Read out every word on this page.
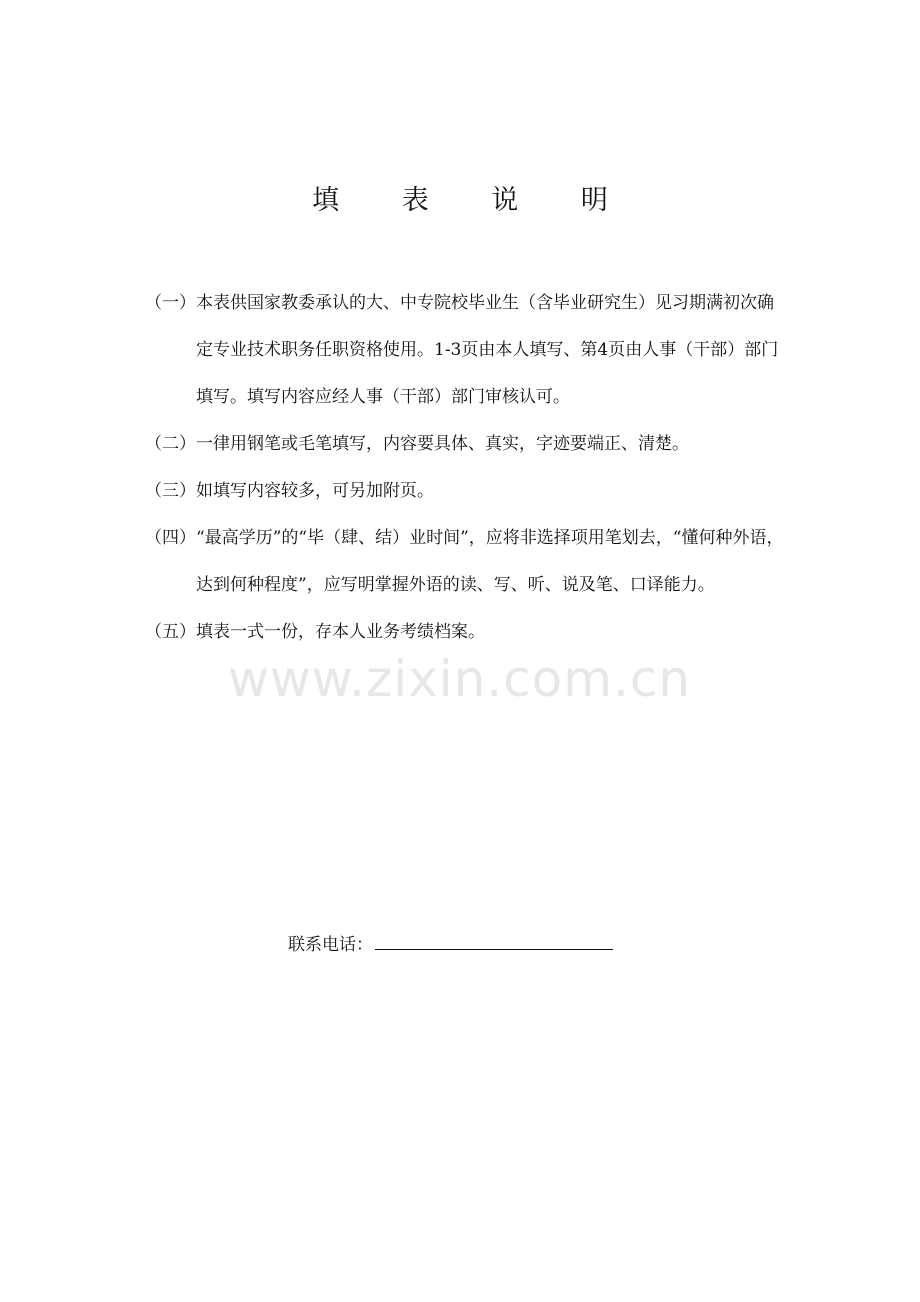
填 表 说 明
（一） 本表供国家教委承认的大、中专院校毕业生（含毕业研究生）见习期满初次确定专业技术职务任职资格使用。1-3页由本人填写、第4页由人事（干部）部门填写。填写内容应经人事（干部）部门审核认可。
（二） 一律用钢笔或毛笔填写，内容要具体、真实，字迹要端正、清楚。
（三） 如填写内容较多，可另加附页。
（四） “最高学历”的“毕（肆、结）业时间”，应将非选择项用笔划去，“懂何种外语，达到何种程度”，应写明掌握外语的读、写、听、说及笔、口译能力。
（五） 填表一式一份，存本人业务考绩档案。
www.zixin.com.cn
联系电话：
